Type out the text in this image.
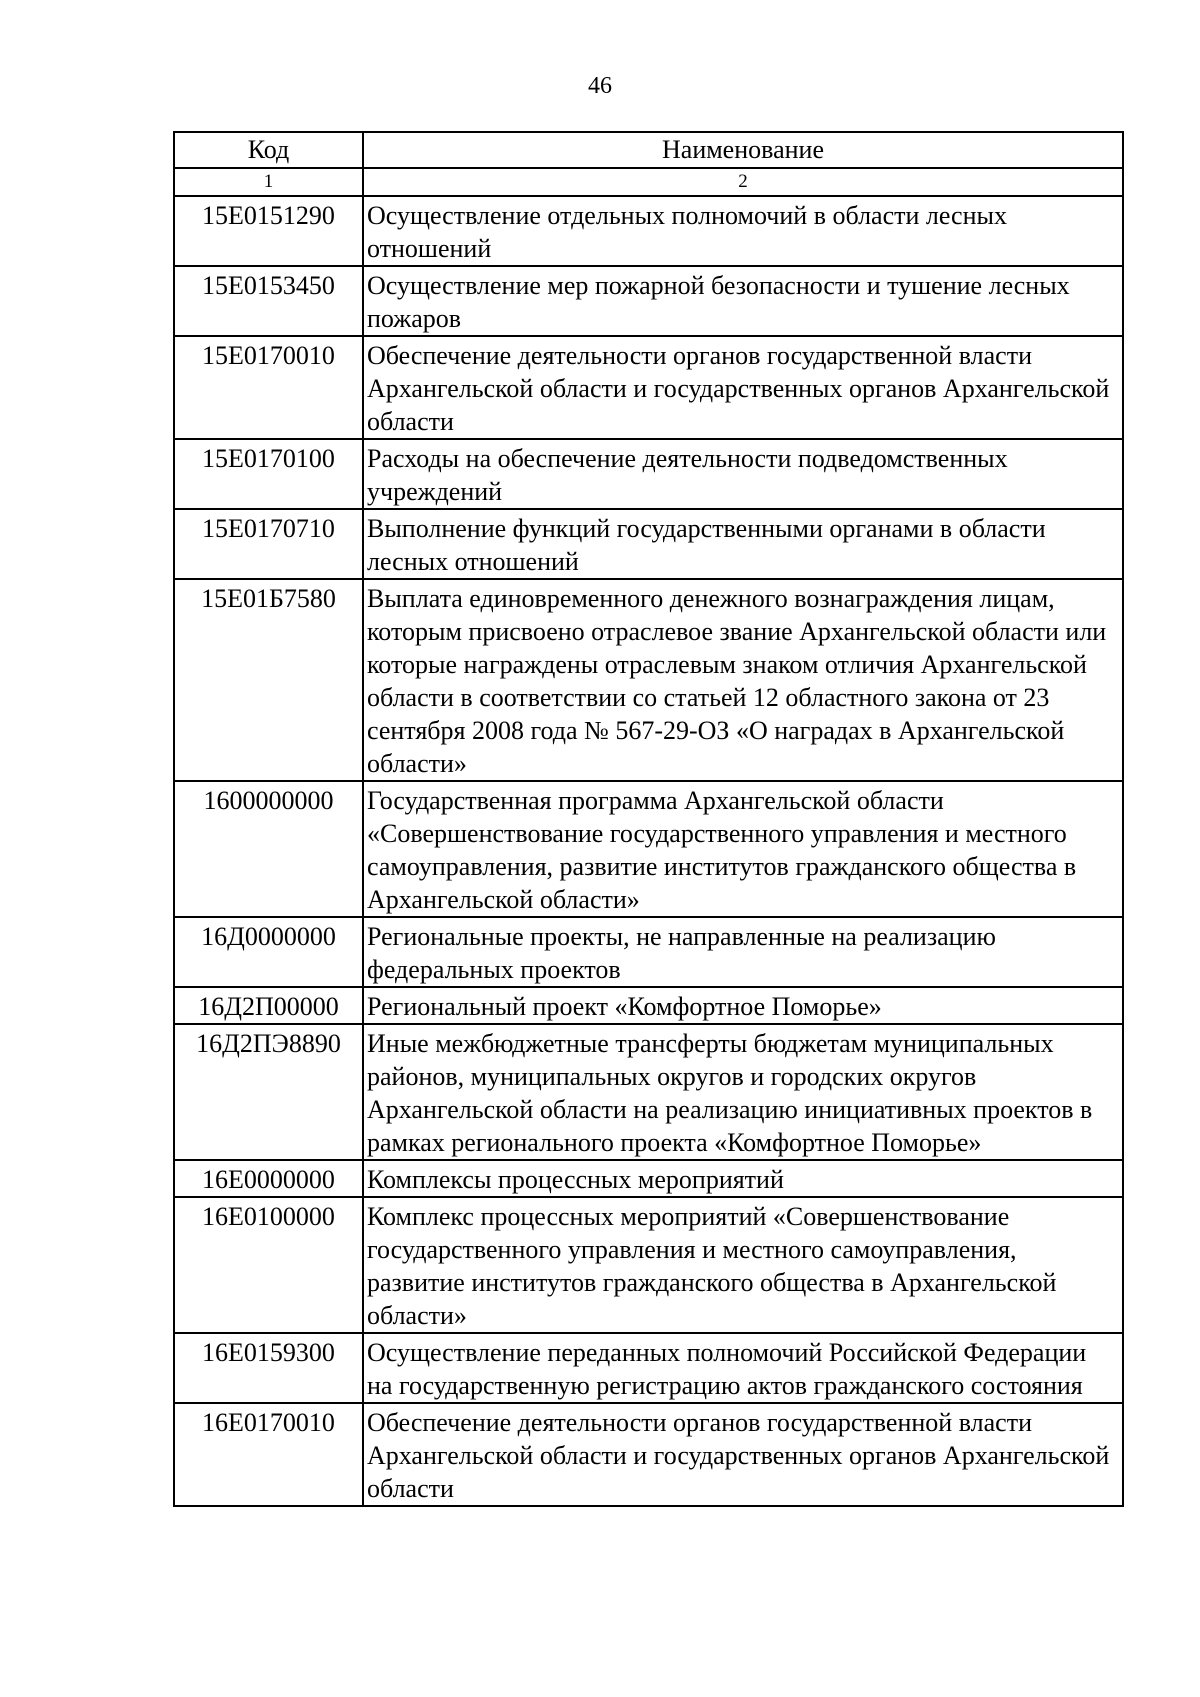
46
Код	Наименование
1	2
15Е0151290	Осуществление отдельных полномочий в области лесных отношений
15Е0153450	Осуществление мер пожарной безопасности и тушение лесных пожаров
15Е0170010	Обеспечение деятельности органов государственной власти Архангельской области и государственных органов Архангельской области
15Е0170100	Расходы на обеспечение деятельности подведомственных учреждений
15Е0170710	Выполнение функций государственными органами в области лесных отношений
15Е01Б7580	Выплата единовременного денежного вознаграждения лицам, которым присвоено отраслевое звание Архангельской области или которые награждены отраслевым знаком отличия Архангельской области в соответствии со статьей 12 областного закона от 23 сентября 2008 года № 567-29-ОЗ «О наградах в Архангельской области»
1600000000	Государственная программа Архангельской области «Совершенствование государственного управления и местного самоуправления, развитие институтов гражданского общества в Архангельской области»
16Д0000000	Региональные проекты, не направленные на реализацию федеральных проектов
16Д2П00000	Региональный проект «Комфортное Поморье»
16Д2ПЭ8890	Иные межбюджетные трансферты бюджетам муниципальных районов, муниципальных округов и городских округов Архангельской области на реализацию инициативных проектов в рамках регионального проекта «Комфортное Поморье»
16Е0000000	Комплексы процессных мероприятий
16Е0100000	Комплекс процессных мероприятий «Совершенствование государственного управления и местного самоуправления, развитие институтов гражданского общества в Архангельской области»
16Е0159300	Осуществление переданных полномочий Российской Федерации на государственную регистрацию актов гражданского состояния
16Е0170010	Обеспечение деятельности органов государственной власти Архангельской области и государственных органов Архангельской области
